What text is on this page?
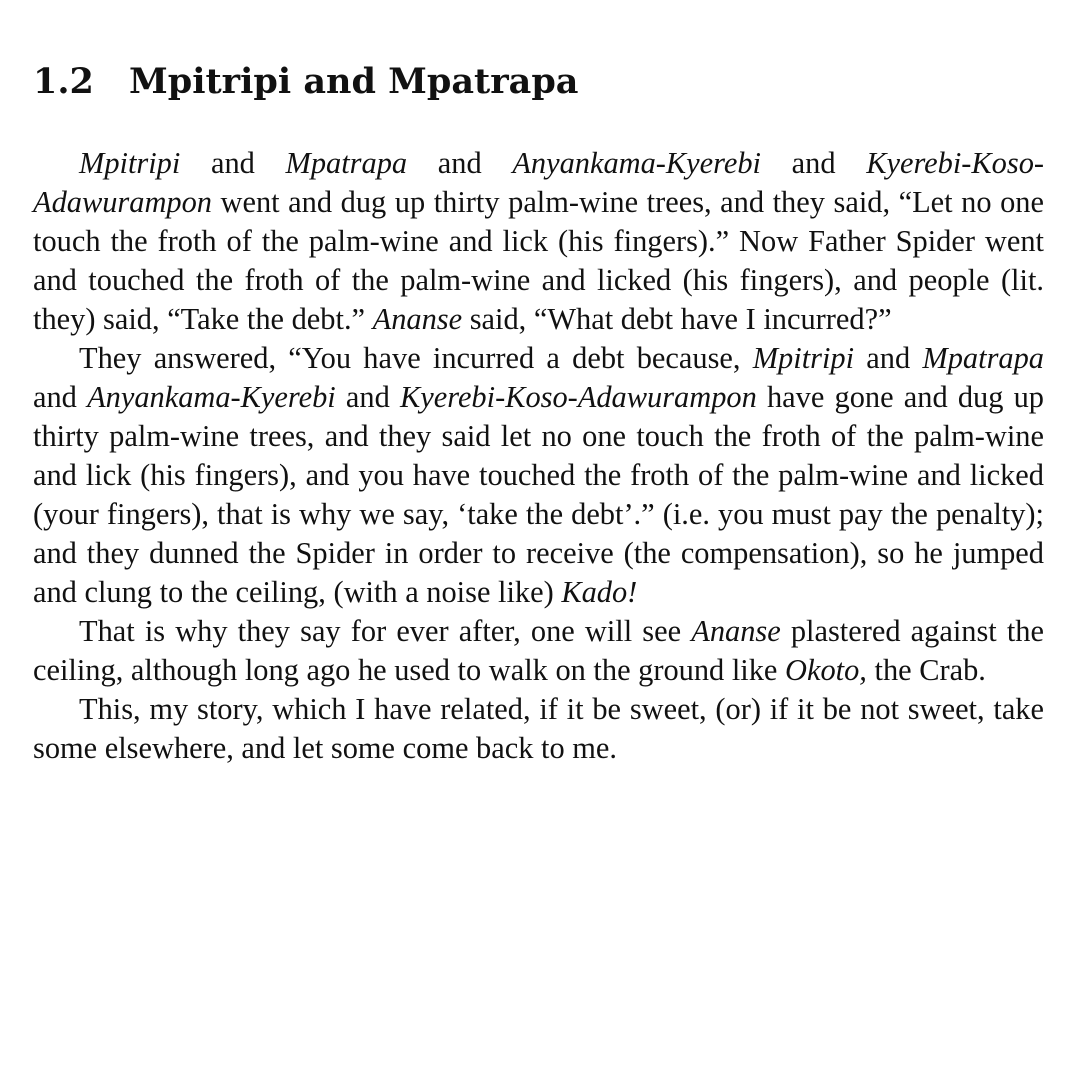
1.2 Mpitripi and Mpatrapa

Mpitripi and Mpatrapa and Anyankama-Kyerebi and Kyerebi-Koso-Adawurampon went and dug up thirty palm-wine trees, and they said, “Let no one touch the froth of the palm-wine and lick (his fingers).” Now Father Spider went and touched the froth of the palm-wine and licked (his fingers), and people (lit. they) said, “Take the debt.” Ananse said, “What debt have I incurred?”

They answered, “You have incurred a debt because, Mpitripi and Mpatrapa and Anyankama-Kyerebi and Kyerebi-Koso-Adawurampon have gone and dug up thirty palm-wine trees, and they said let no one touch the froth of the palm-wine and lick (his fingers), and you have touched the froth of the palm-wine and licked (your fingers), that is why we say, ‘take the debt’.” (i.e. you must pay the penalty); and they dunned the Spider in order to receive (the compensation), so he jumped and clung to the ceiling, (with a noise like) Kado!

That is why they say for ever after, one will see Ananse plastered against the ceiling, although long ago he used to walk on the ground like Okoto, the Crab.

This, my story, which I have related, if it be sweet, (or) if it be not sweet, take some elsewhere, and let some come back to me.
